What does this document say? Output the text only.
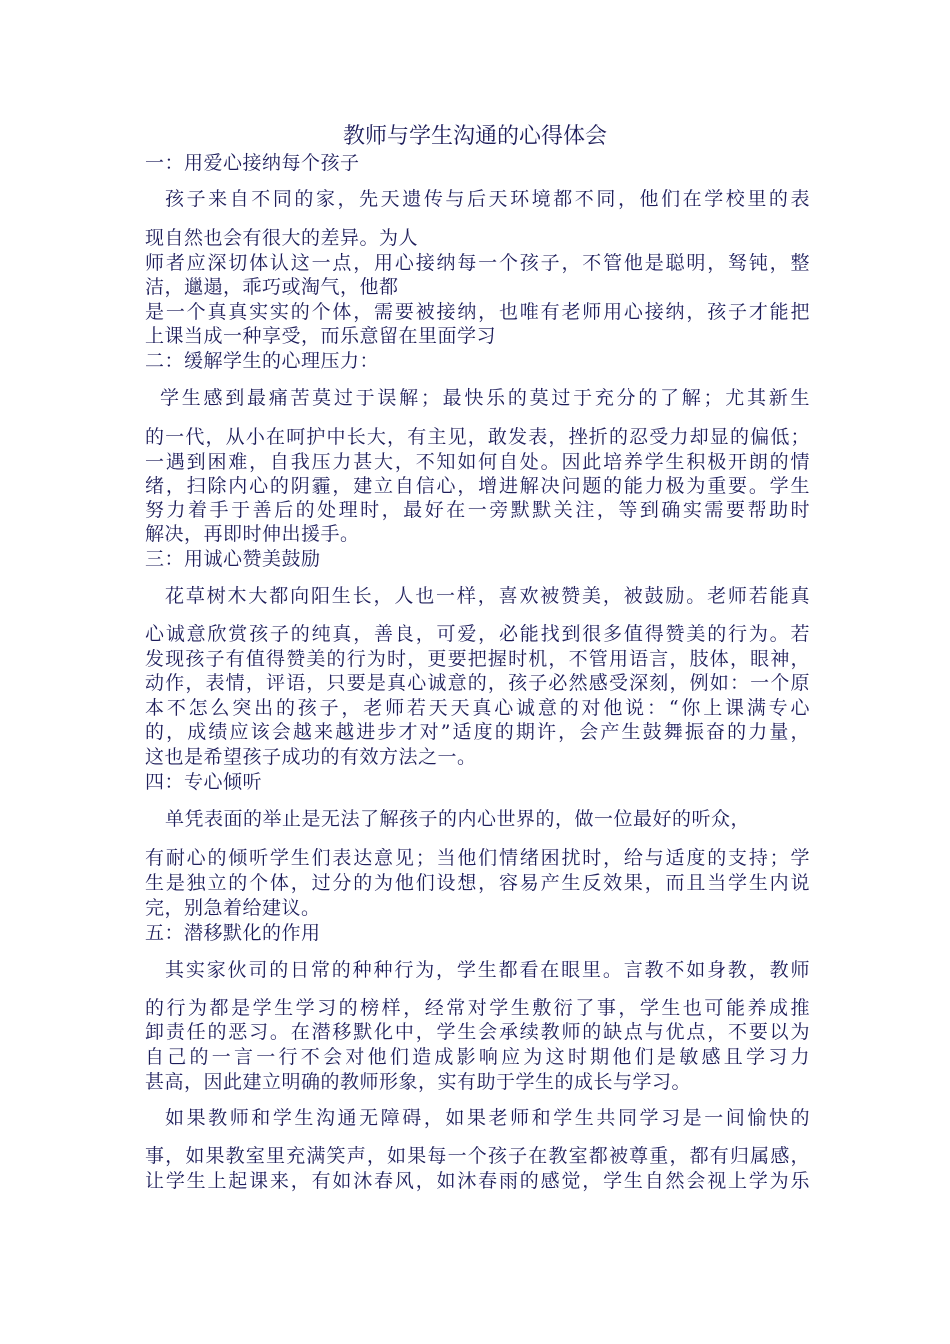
教师与学生沟通的心得体会
一：用爱心接纳每个孩子
孩子来自不同的家，先天遗传与后天环境都不同，他们在学校里的表
现自然也会有很大的差异。为人
师者应深切体认这一点，用心接纳每一个孩子，不管他是聪明，驽钝，整
洁，邋遢，乖巧或淘气，他都
是一个真真实实的个体，需要被接纳，也唯有老师用心接纳，孩子才能把
上课当成一种享受，而乐意留在里面学习
二：缓解学生的心理压力：
学生感到最痛苦莫过于误解；最快乐的莫过于充分的了解；尤其新生
的一代，从小在呵护中长大，有主见，敢发表，挫折的忍受力却显的偏低；
一遇到困难，自我压力甚大，不知如何自处。因此培养学生积极开朗的情
绪，扫除内心的阴霾，建立自信心，增进解决问题的能力极为重要。学生
努力着手于善后的处理时，最好在一旁默默关注，等到确实需要帮助时
解决，再即时伸出援手。
三：用诚心赞美鼓励
花草树木大都向阳生长，人也一样，喜欢被赞美，被鼓励。老师若能真
心诚意欣赏孩子的纯真，善良，可爱，必能找到很多值得赞美的行为。若
发现孩子有值得赞美的行为时，更要把握时机，不管用语言，肢体，眼神，
动作，表情，评语，只要是真心诚意的，孩子必然感受深刻，例如：一个原
本不怎么突出的孩子，老师若天天真心诚意的对他说：“你上课满专心
的，成绩应该会越来越进步才对”适度的期许，会产生鼓舞振奋的力量，
这也是希望孩子成功的有效方法之一。
四：专心倾听
单凭表面的举止是无法了解孩子的内心世界的，做一位最好的听众，
有耐心的倾听学生们表达意见；当他们情绪困扰时，给与适度的支持；学
生是独立的个体，过分的为他们设想，容易产生反效果，而且当学生内说
完，别急着给建议。
五：潜移默化的作用
其实家伙司的日常的种种行为，学生都看在眼里。言教不如身教，教师
的行为都是学生学习的榜样，经常对学生敷衍了事，学生也可能养成推
卸责任的恶习。在潜移默化中，学生会承续教师的缺点与优点，不要以为
自己的一言一行不会对他们造成影响应为这时期他们是敏感且学习力
甚高，因此建立明确的教师形象，实有助于学生的成长与学习。
如果教师和学生沟通无障碍，如果老师和学生共同学习是一间愉快的
事，如果教室里充满笑声，如果每一个孩子在教室都被尊重，都有归属感，
让学生上起课来，有如沐春风，如沐春雨的感觉，学生自然会视上学为乐
